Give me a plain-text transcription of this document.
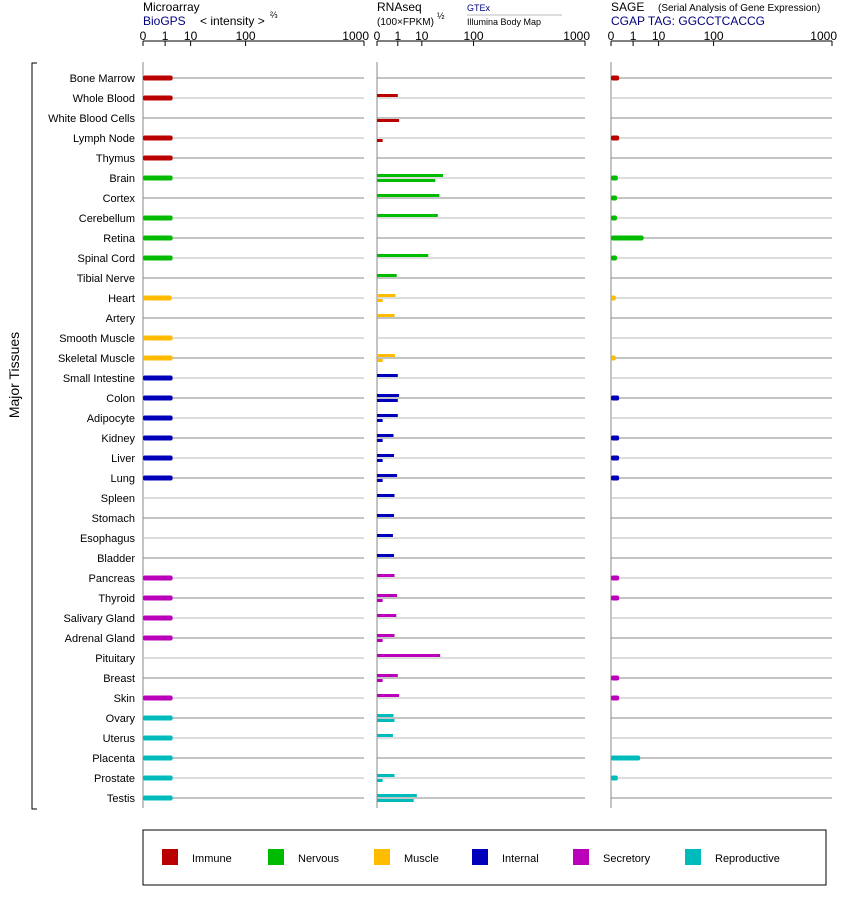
Microarray
BioGPS < intensity > ⅔
RNAseq
(100×FPKM)
½
GTEx
Illumina Body Map
SAGE (Serial Analysis of Gene Expression)
CGAP TAG: GGCCTCACCG
Major Tissues
0 1 10	100	1000 0 1 10	100	1000 0 1 10	100	1000
Bone Marrow
Whole Blood
White Blood Cells
Lymph Node
Thymus
Brain
Cortex
Cerebellum
Retina
Spinal Cord
Tibial Nerve
Heart
Artery
Smooth Muscle
Skeletal Muscle
Small Intestine
Colon
Adipocyte
Kidney
Liver
Lung
Spleen
Stomach
Esophagus
Bladder
Pancreas
Thyroid
Salivary Gland
Adrenal Gland
Pituitary
Breast
Skin
Ovary
Uterus
Placenta
Prostate
Testis
Immune	Nervous	Muscle	Internal	Secretory	Reproductive
